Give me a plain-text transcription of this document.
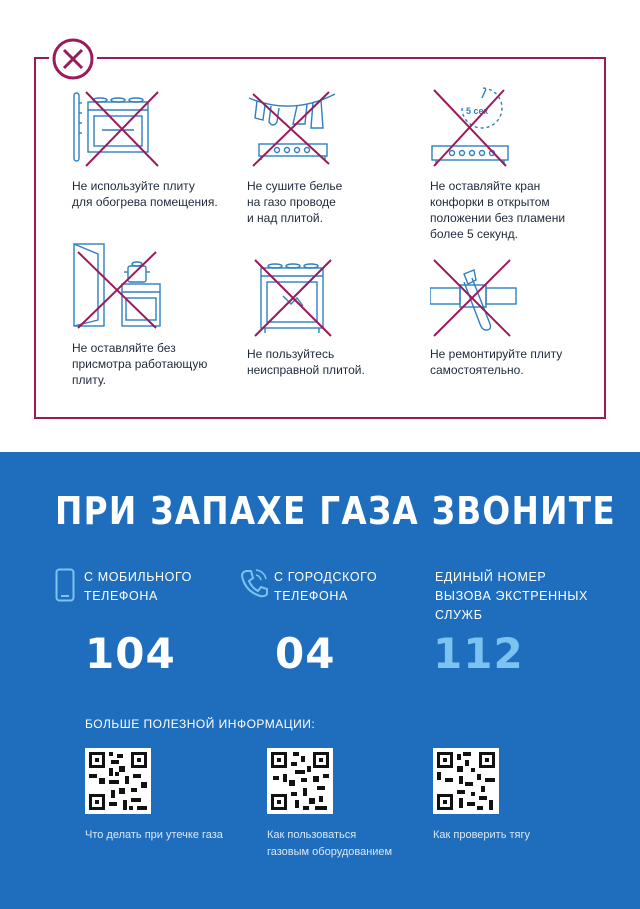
Не используйте плиту
для обогрева помещения.
Не сушите белье
на газо проводе
и над плитой.
5 сек
Не оставляйте кран
конфорки в открытом
положении без пламени
более 5 секунд.
Не оставляйте без
присмотра работающую
плиту.
Не пользуйтесь
неисправной плитой.
Не ремонтируйте плиту
самостоятельно.
ПРИ ЗАПАХЕ ГАЗА ЗВОНИТЕ
С МОБИЛЬНОГО
ТЕЛЕФОНА
104
С ГОРОДСКОГО
ТЕЛЕФОНА
04
ЕДИНЫЙ НОМЕР
ВЫЗОВА ЭКСТРЕННЫХ
СЛУЖБ
112
БОЛЬШЕ ПОЛЕЗНОЙ ИНФОРМАЦИИ:
Что делать при утечке газа	Как пользоваться
газовым оборудованием
Как проверить тягу
